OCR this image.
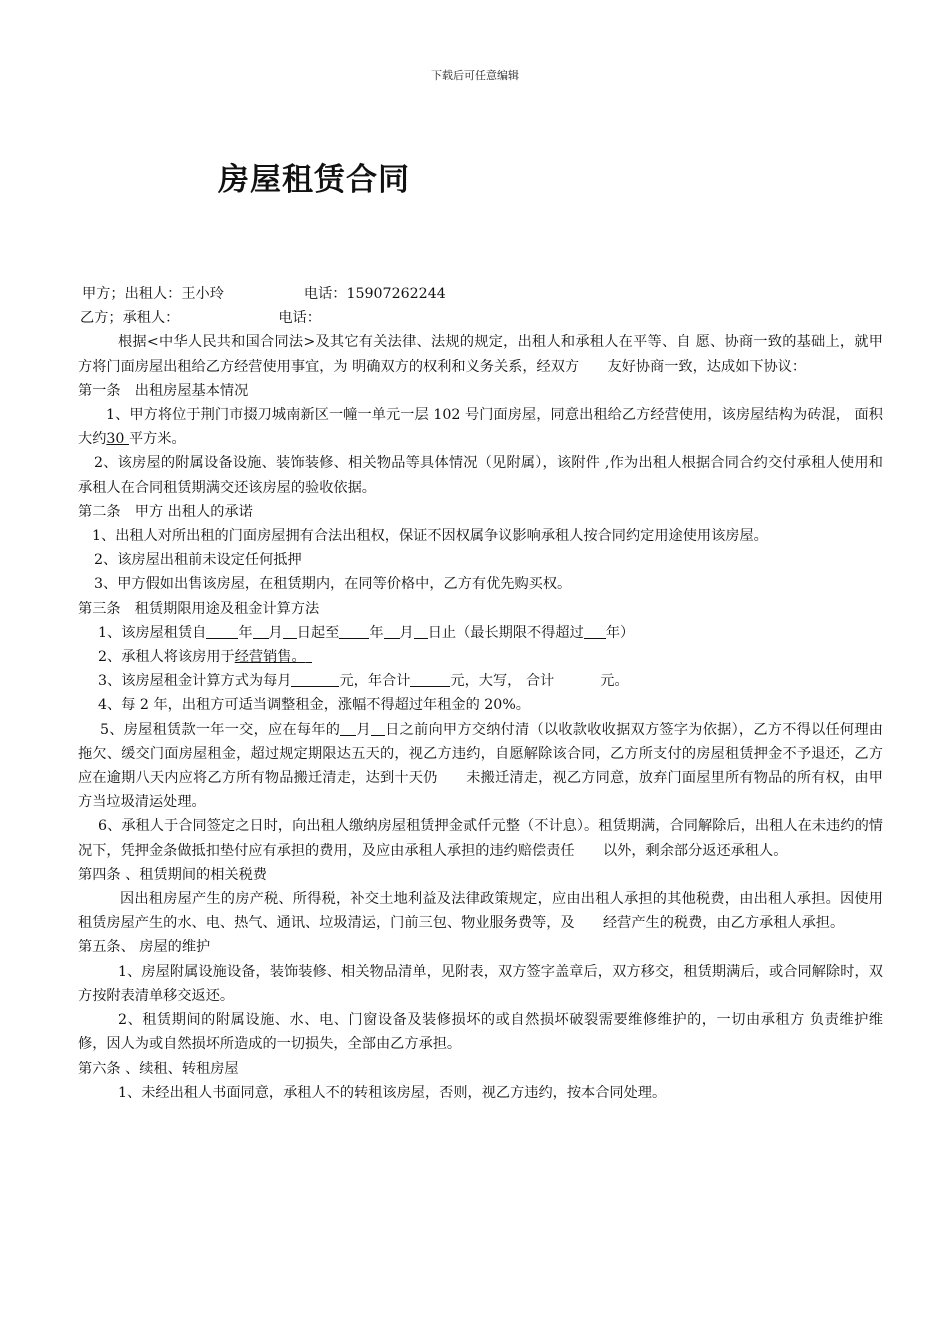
下载后可任意编辑
房屋租赁合同
甲方；出租人：王小玲	电话：15907262244
乙方；承租人：	电话：
根据<中华人民共和国合同法>及其它有关法律、法规的规定，出租人和承租人在平等、自 愿、协商一致的基础上，就甲方将门面房屋出租给乙方经营使用事宜，为 明确双方的权利和义务关系，经双方　　友好协商一致，达成如下协议：
第一条　出租房屋基本情况
1、甲方将位于荆门市掇刀城南新区一幢一单元一层 102 号门面房屋，同意出租给乙方经营使用，该房屋结构为砖混， 面积大约30 平方米。
2、该房屋的附属设备设施、装饰装修、相关物品等具体情况（见附属），该附件 ,作为出租人根据合同合约交付承租人使用和承租人在合同租赁期满交还该房屋的验收依据。
第二条　甲方 出租人的承诺
1、出租人对所出租的门面房屋拥有合法出租权，保证不因权属争议影响承租人按合同约定用途使用该房屋。
2、该房屋出租前未设定任何抵押
3、甲方假如出售该房屋，在租赁期内，在同等价格中，乙方有优先购买权。
第三条　租赁期限用途及租金计算方法
1、该房屋租赁自 年 月 日起至 年 月 日止（最长期限不得超过 年）
2、承租人将该房用于经营销售。
3、该房屋租金计算方式为每月	元，年合计	元，大写， 合计	元。
4、每 2 年，出租方可适当调整租金，涨幅不得超过年租金的 20%。
5、房屋租赁款一年一交，应在每年的 月 日之前向甲方交纳付清（以收款收收据双方签字为依据），乙方不得以任何理由拖欠、缓交门面房屋租金，超过规定期限达五天的，视乙方违约，自愿解除该合同，乙方所支付的房屋租赁押金不予退还，乙方应在逾期八天内应将乙方所有物品搬迁清走，达到十天仍　　未搬迁清走，视乙方同意，放弃门面屋里所有物品的所有权，由甲方当垃圾清运处理。
6、承租人于合同签定之日时，向出租人缴纳房屋租赁押金贰仟元整（不计息）。租赁期满，合同解除后，出租人在未违约的情况下，凭押金条做抵扣垫付应有承担的费用，及应由承租人承担的违约赔偿责任　　以外，剩余部分返还承租人。
第四条 、租赁期间的相关税费
因出租房屋产生的房产税、所得税，补交土地利益及法律政策规定，应由出租人承担的其他税费，由出租人承担。因使用租赁房屋产生的水、电、热气、通讯、垃圾清运，门前三包、物业服务费等，及　　经营产生的税费，由乙方承租人承担。
第五条、 房屋的维护
1、房屋附属设施设备，装饰装修、相关物品清单，见附表，双方签字盖章后，双方移交，租赁期满后，或合同解除时，双方按附表清单移交返还。
2、租赁期间的附属设施、水、电、门窗设备及装修损坏的或自然损坏破裂需要维修维护的，一切由承租方 负责维护维修，因人为或自然损坏所造成的一切损失，全部由乙方承担。
第六条 、续租、转租房屋
1、未经出租人书面同意，承租人不的转租该房屋，否则，视乙方违约，按本合同处理。
